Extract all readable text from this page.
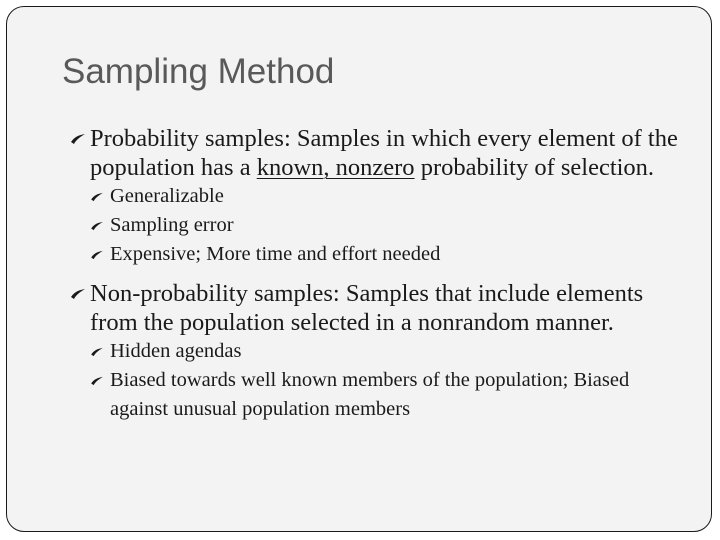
Sampling Method
Probability samples: Samples in which every element of the population has a known, nonzero probability of selection.
Generalizable
Sampling error
Expensive; More time and effort needed
Non-probability samples: Samples that include elements from the population selected in a nonrandom manner.
Hidden agendas
Biased towards well known members of the population; Biased against unusual population members
